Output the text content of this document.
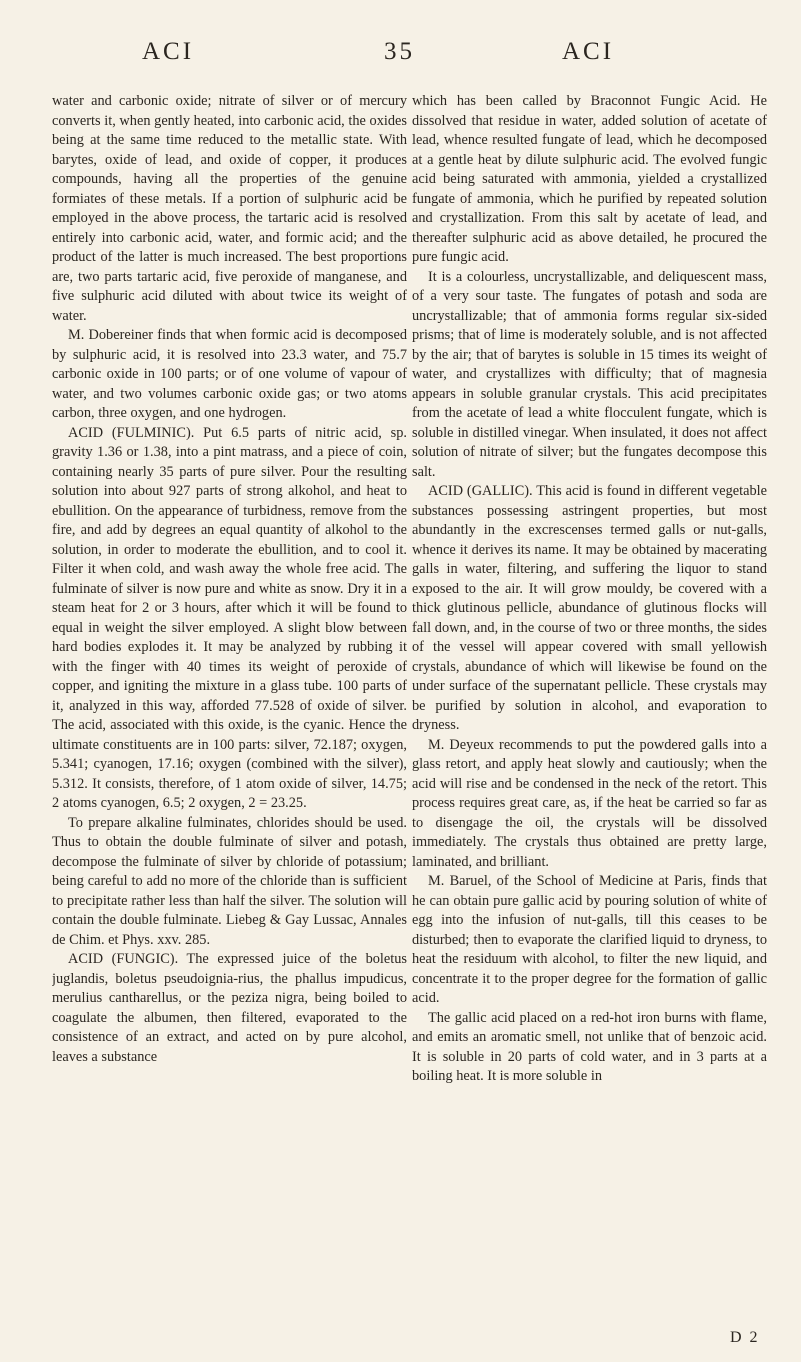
ACI	35	ACI

water and carbonic oxide; nitrate of silver or of mercury converts it, when gently heated, into carbonic acid, the oxides being at the same time reduced to the metallic state. With barytes, oxide of lead, and oxide of copper, it produces compounds, having all the properties of the genuine formiates of these metals. If a portion of sulphuric acid be employed in the above process, the tartaric acid is resolved entirely into carbonic acid, water, and formic acid; and the product of the latter is much increased. The best proportions are, two parts tartaric acid, five peroxide of manganese, and five sulphuric acid diluted with about twice its weight of water.

M. Dobereiner finds that when formic acid is decomposed by sulphuric acid, it is resolved into 23.3 water, and 75.7 carbonic oxide in 100 parts; or of one volume of vapour of water, and two volumes carbonic oxide gas; or two atoms carbon, three oxygen, and one hydrogen.

ACID (FULMINIC). Put 6.5 parts of nitric acid, sp. gravity 1.36 or 1.38, into a pint matrass, and a piece of coin, containing nearly 35 parts of pure silver. Pour the resulting solution into about 927 parts of strong alkohol, and heat to ebullition. On the appearance of turbidness, remove from the fire, and add by degrees an equal quantity of alkohol to the solution, in order to moderate the ebullition, and to cool it. Filter it when cold, and wash away the whole free acid. The fulminate of silver is now pure and white as snow. Dry it in a steam heat for 2 or 3 hours, after which it will be found to equal in weight the silver employed. A slight blow between hard bodies explodes it. It may be analyzed by rubbing it with the finger with 40 times its weight of peroxide of copper, and igniting the mixture in a glass tube. 100 parts of it, analyzed in this way, afforded 77.528 of oxide of silver. The acid, associated with this oxide, is the cyanic. Hence the ultimate constituents are in 100 parts: silver, 72.187; oxygen, 5.341; cyanogen, 17.16; oxygen (combined with the silver), 5.312. It consists, therefore, of 1 atom oxide of silver, 14.75; 2 atoms cyanogen, 6.5; 2 oxygen, 2 = 23.25.

To prepare alkaline fulminates, chlorides should be used. Thus to obtain the double fulminate of silver and potash, decompose the fulminate of silver by chloride of potassium; being careful to add no more of the chloride than is sufficient to precipitate rather less than half the silver. The solution will contain the double fulminate. Liebeg & Gay Lussac, Annales de Chim. et Phys. xxv. 285.

ACID (FUNGIC). The expressed juice of the boletus juglandis, boletus pseudoignia-rius, the phallus impudicus, merulius cantharellus, or the peziza nigra, being boiled to coagulate the albumen, then filtered, evaporated to the consistence of an extract, and acted on by pure alcohol, leaves a substance

which has been called by Braconnot Fungic Acid. He dissolved that residue in water, added solution of acetate of lead, whence resulted fungate of lead, which he decomposed at a gentle heat by dilute sulphuric acid. The evolved fungic acid being saturated with ammonia, yielded a crystallized fungate of ammonia, which he purified by repeated solution and crystallization. From this salt by acetate of lead, and thereafter sulphuric acid as above detailed, he procured the pure fungic acid.

It is a colourless, uncrystallizable, and deliquescent mass, of a very sour taste. The fungates of potash and soda are uncrystallizable; that of ammonia forms regular six-sided prisms; that of lime is moderately soluble, and is not affected by the air; that of barytes is soluble in 15 times its weight of water, and crystallizes with difficulty; that of magnesia appears in soluble granular crystals. This acid precipitates from the acetate of lead a white flocculent fungate, which is soluble in distilled vinegar. When insulated, it does not affect solution of nitrate of silver; but the fungates decompose this salt.

ACID (GALLIC). This acid is found in different vegetable substances possessing astringent properties, but most abundantly in the excrescenses termed galls or nut-galls, whence it derives its name. It may be obtained by macerating galls in water, filtering, and suffering the liquor to stand exposed to the air. It will grow mouldy, be covered with a thick glutinous pellicle, abundance of glutinous flocks will fall down, and, in the course of two or three months, the sides of the vessel will appear covered with small yellowish crystals, abundance of which will likewise be found on the under surface of the supernatant pellicle. These crystals may be purified by solution in alcohol, and evaporation to dryness.

M. Deyeux recommends to put the powdered galls into a glass retort, and apply heat slowly and cautiously; when the acid will rise and be condensed in the neck of the retort. This process requires great care, as, if the heat be carried so far as to disengage the oil, the crystals will be dissolved immediately. The crystals thus obtained are pretty large, laminated, and brilliant.

M. Baruel, of the School of Medicine at Paris, finds that he can obtain pure gallic acid by pouring solution of white of egg into the infusion of nut-galls, till this ceases to be disturbed; then to evaporate the clarified liquid to dryness, to heat the residuum with alcohol, to filter the new liquid, and concentrate it to the proper degree for the formation of gallic acid.

The gallic acid placed on a red-hot iron burns with flame, and emits an aromatic smell, not unlike that of benzoic acid. It is soluble in 20 parts of cold water, and in 3 parts at a boiling heat. It is more soluble in

D 2
